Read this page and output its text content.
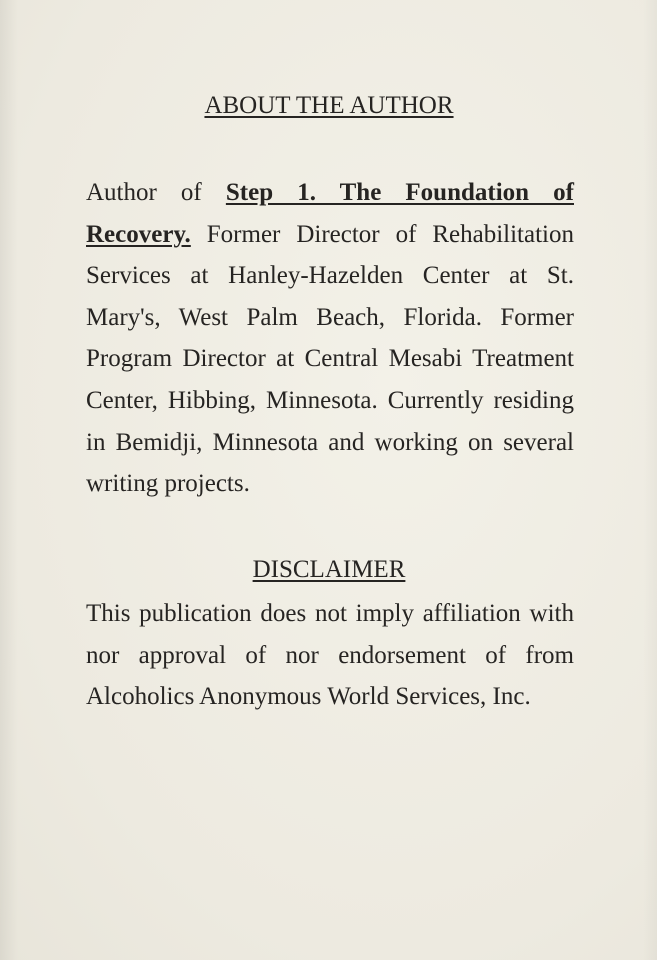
ABOUT THE AUTHOR

Author of Step 1. The Foundation of Recovery. Former Director of Rehabilitation Services at Hanley-Hazelden Center at St. Mary's, West Palm Beach, Florida. Former Program Director at Central Mesabi Treatment Center, Hibbing, Minnesota. Currently residing in Bemidji, Minnesota and working on several writing projects.

DISCLAIMER

This publication does not imply affiliation with nor approval of nor endorsement of from Alcoholics Anonymous World Services, Inc.
